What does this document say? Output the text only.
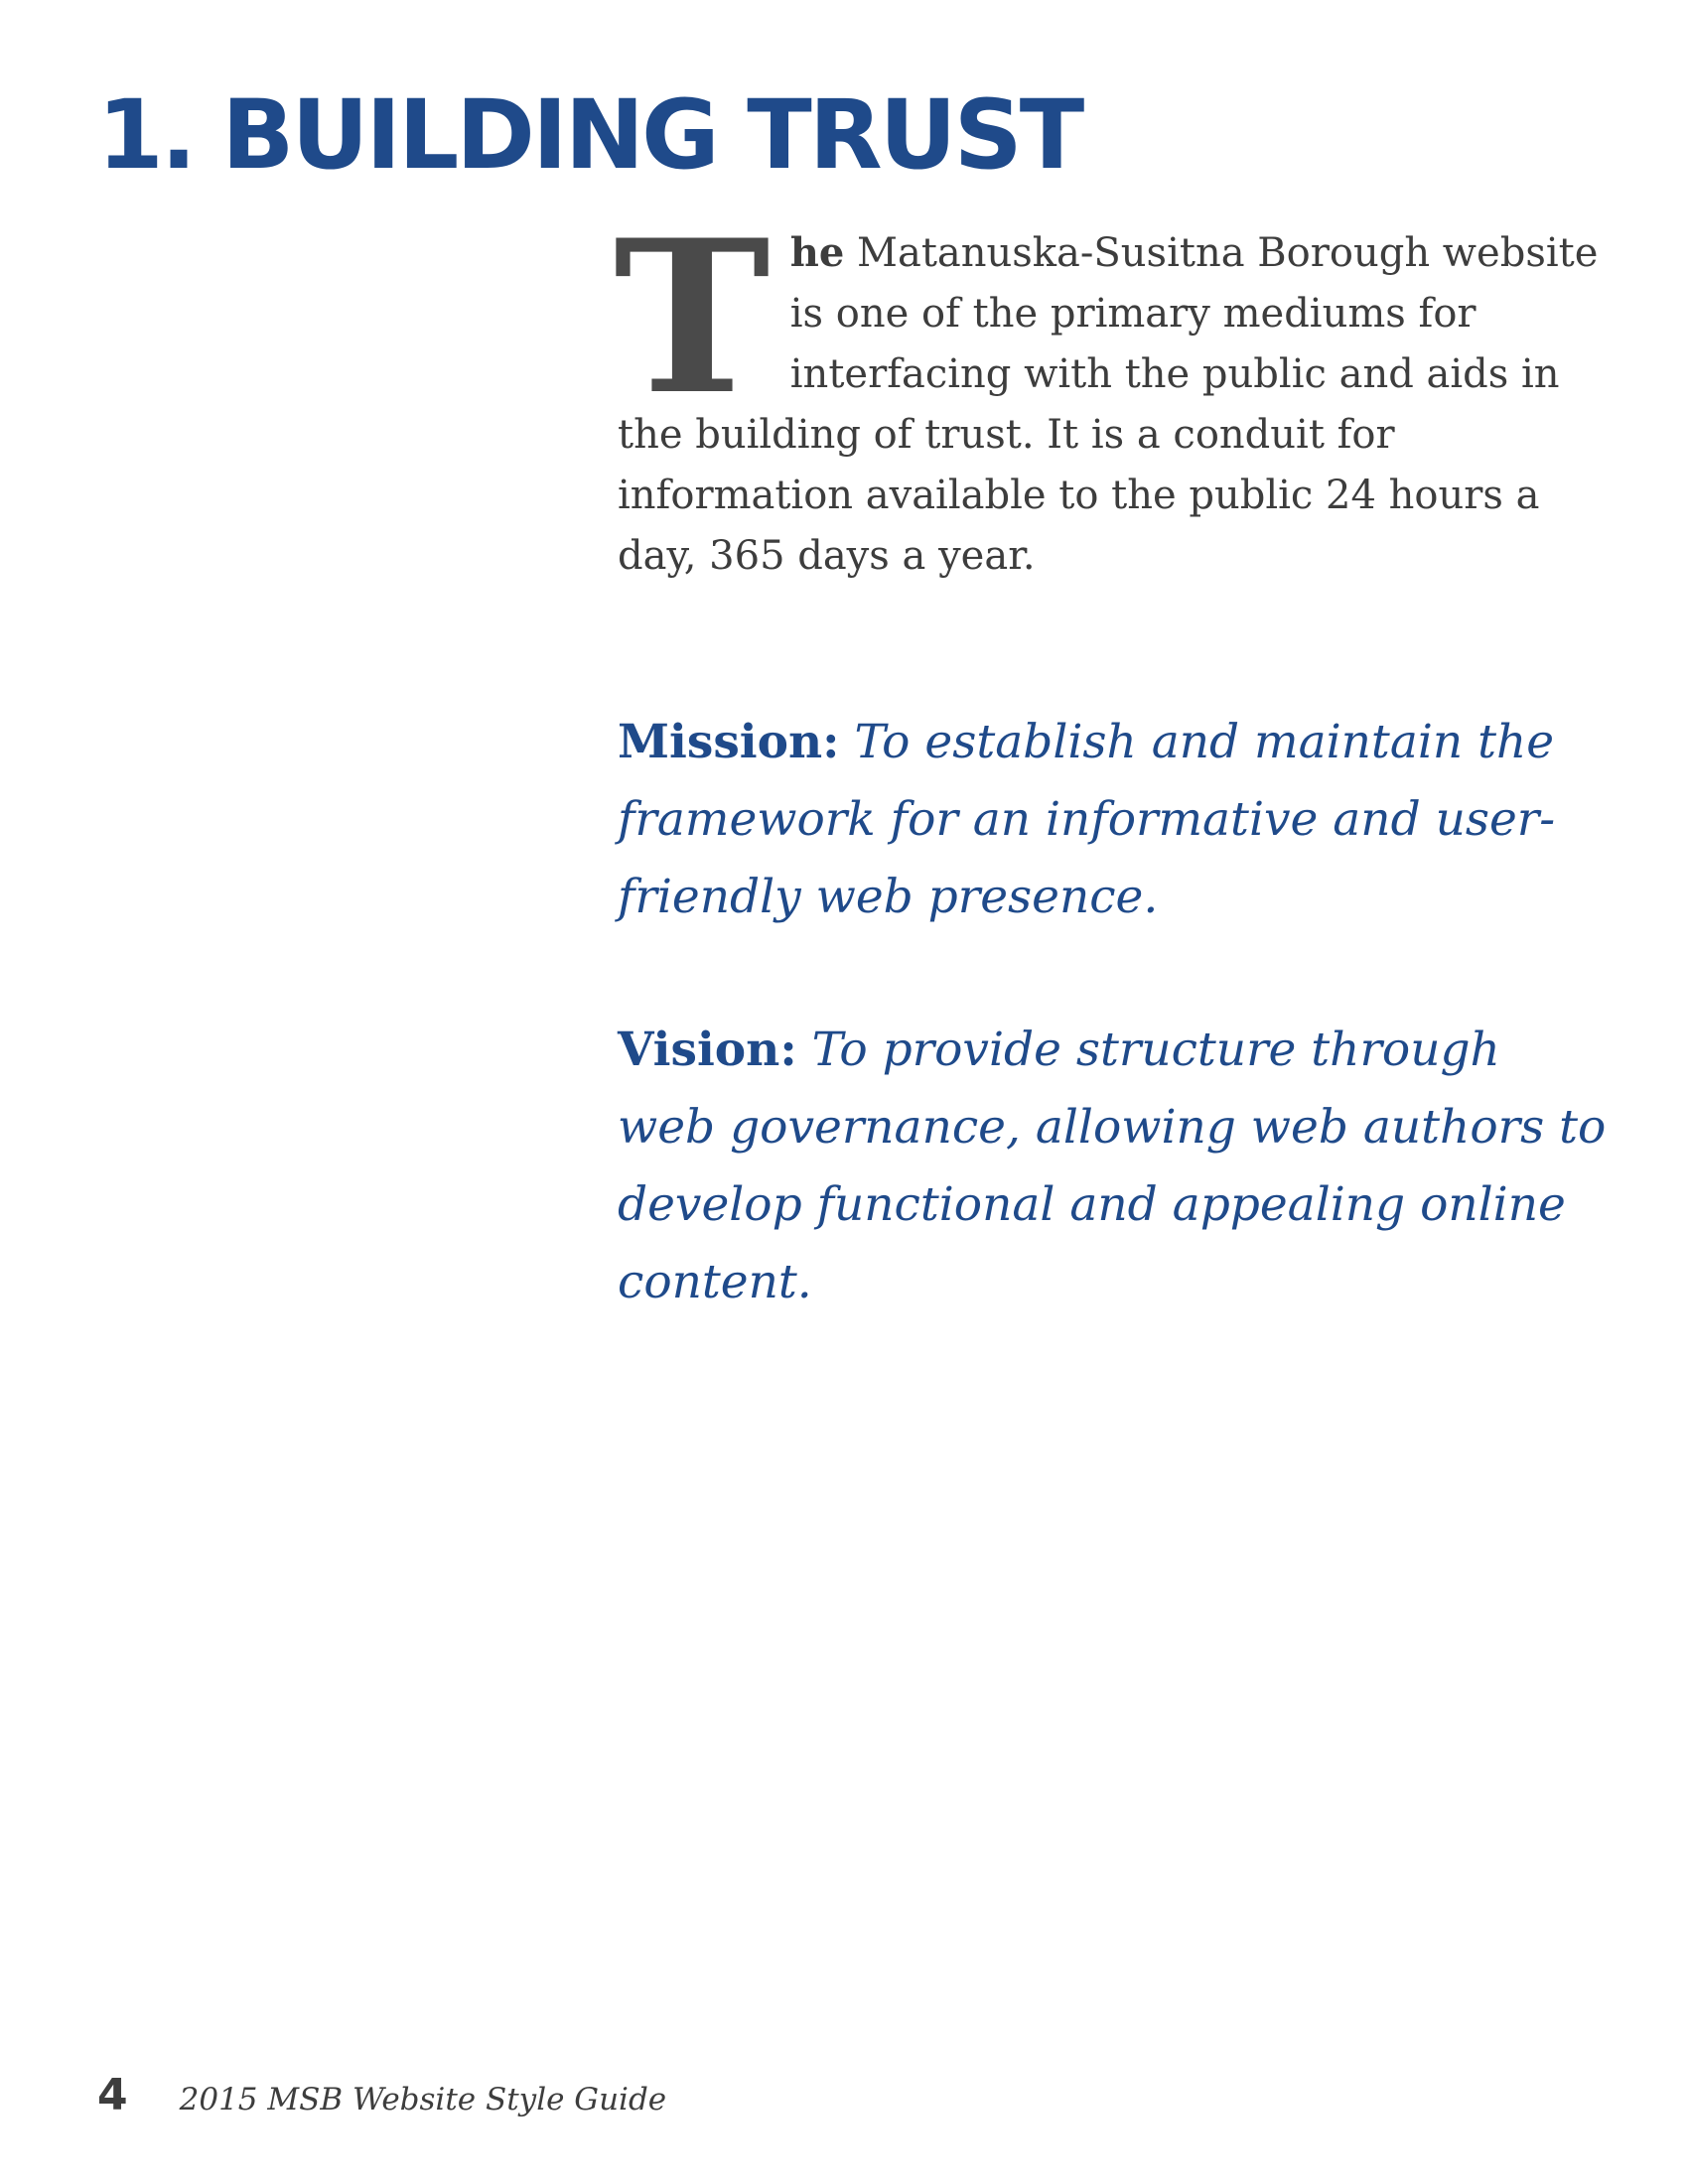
1. BUILDING TRUST

The Matanuska-Susitna Borough website is one of the primary mediums for interfacing with the public and aids in the building of trust. It is a conduit for information available to the public 24 hours a day, 365 days a year.

Mission: To establish and maintain the framework for an informative and user-friendly web presence.

Vision: To provide structure through web governance, allowing web authors to develop functional and appealing online content.

4 2015 MSB Website Style Guide
